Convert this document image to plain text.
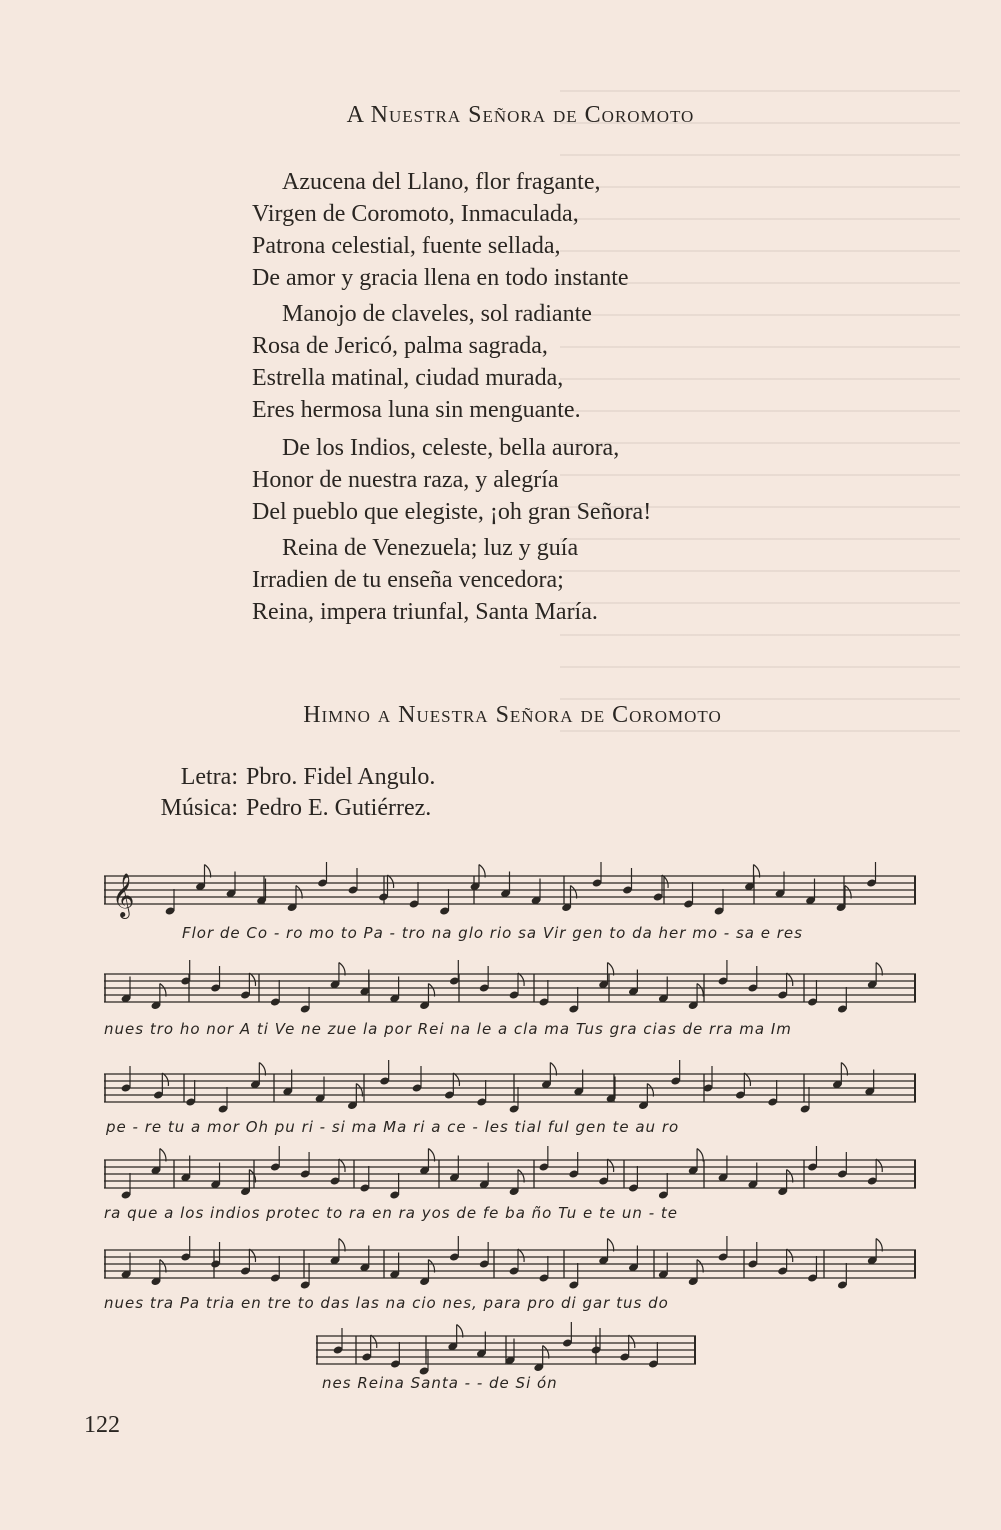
A Nuestra Señora de Coromoto
Azucena del Llano, flor fragante,
Virgen de Coromoto, Inmaculada,
Patrona celestial, fuente sellada,
De amor y gracia llena en todo instante
Manojo de claveles, sol radiante
Rosa de Jericó, palma sagrada,
Estrella matinal, ciudad murada,
Eres hermosa luna sin menguante.
De los Indios, celeste, bella aurora,
Honor de nuestra raza, y alegría
Del pueblo que elegiste, ¡oh gran Señora!
Reina de Venezuela; luz y guía
Irradien de tu enseña vencedora;
Reina, impera triunfal, Santa María.
Himno a Nuestra Señora de Coromoto
Letra: Pbro. Fidel Angulo.
Música: Pedro E. Gutiérrez.
𝄞
Flor de Co - ro mo to Pa - tro na glo rio sa Vir gen to da her mo - sa e res
nues tro ho nor A ti Ve ne zue la por Rei na le a cla ma Tus gra cias de rra ma Im
pe - re tu a mor Oh pu ri - si ma Ma ri a ce - les tial ful gen te au ro
ra que a los indios protec to ra en ra yos de fe ba ño Tu e te un - te
nues tra Pa tria en tre to das las na cio nes, para pro di gar tus do
nes Reina Santa - - de Si ón
122
